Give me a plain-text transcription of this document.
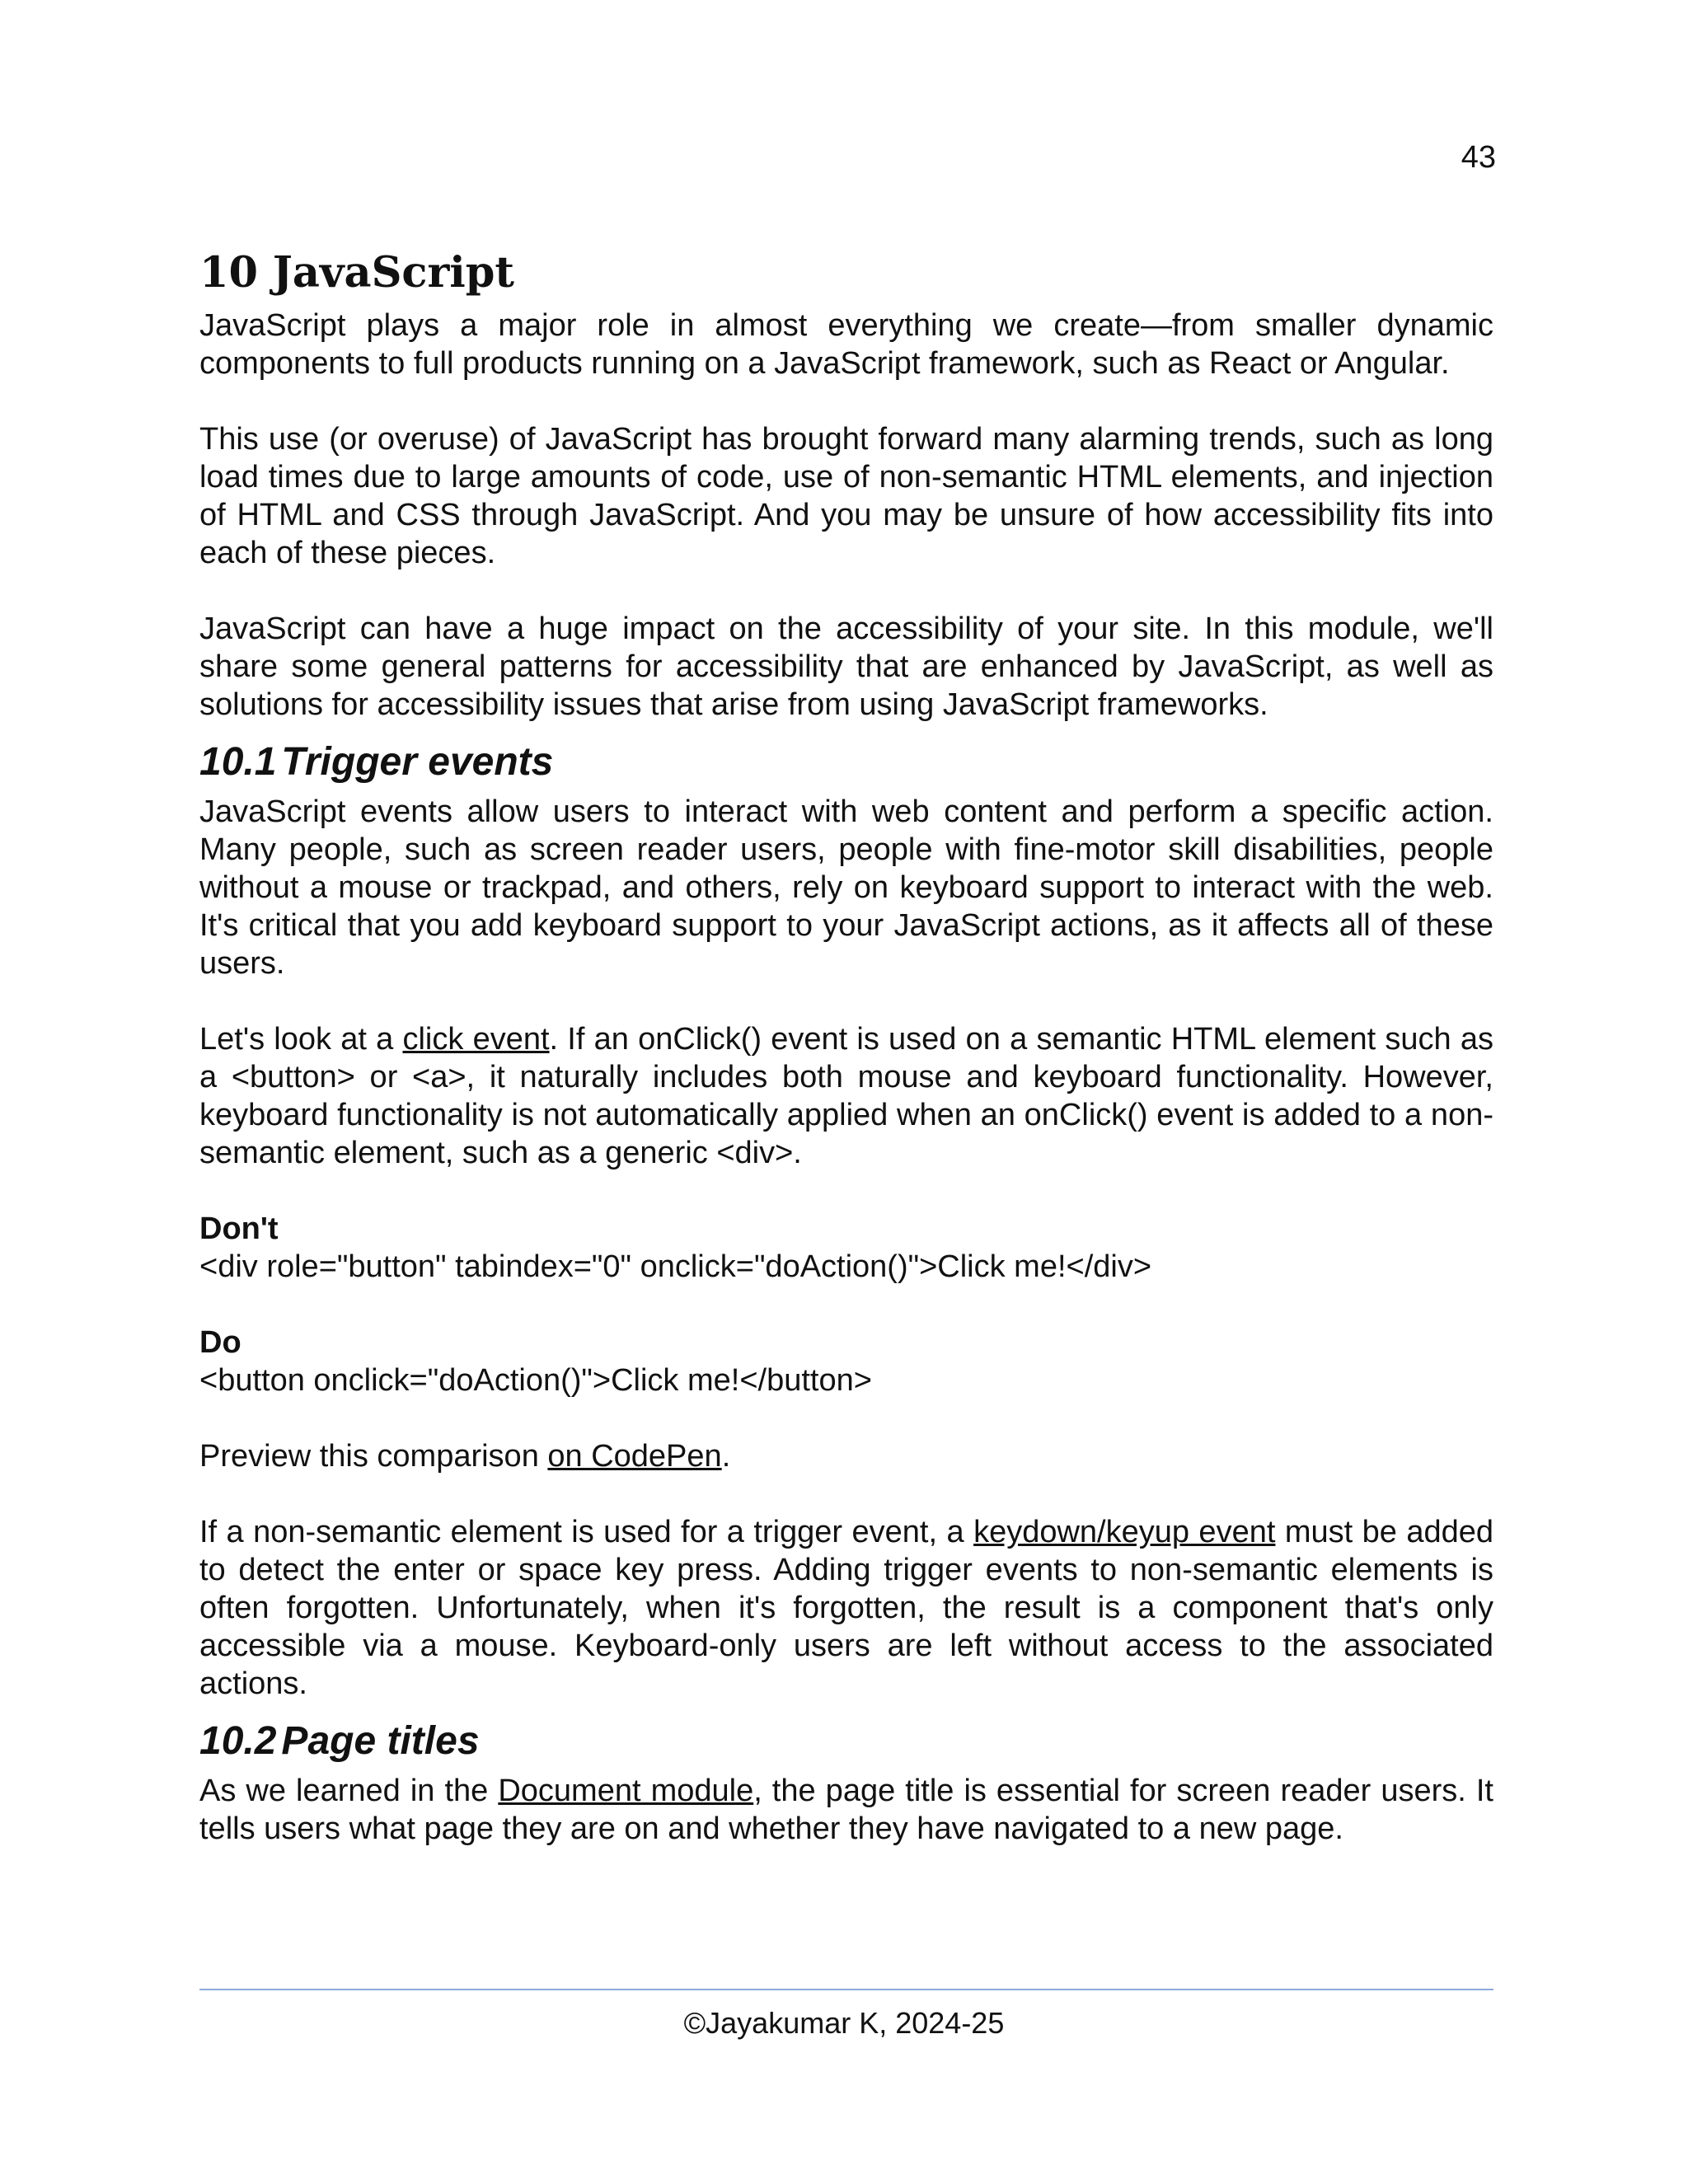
43
10 JavaScript

JavaScript plays a major role in almost everything we create—from smaller dynamic components to full products running on a JavaScript framework, such as React or Angular.

This use (or overuse) of JavaScript has brought forward many alarming trends, such as long load times due to large amounts of code, use of non-semantic HTML elements, and injection of HTML and CSS through JavaScript. And you may be unsure of how accessibility fits into each of these pieces.

JavaScript can have a huge impact on the accessibility of your site. In this module, we'll share some general patterns for accessibility that are enhanced by JavaScript, as well as solutions for accessibility issues that arise from using JavaScript frameworks.

10.1 Trigger events

JavaScript events allow users to interact with web content and perform a specific action. Many people, such as screen reader users, people with fine-motor skill disabilities, people without a mouse or trackpad, and others, rely on keyboard support to interact with the web. It's critical that you add keyboard support to your JavaScript actions, as it affects all of these users.

Let's look at a click event. If an onClick() event is used on a semantic HTML element such as a <button> or <a>, it naturally includes both mouse and keyboard functionality. However, keyboard functionality is not automatically applied when an onClick() event is added to a non-semantic element, such as a generic <div>.

Don't
<div role="button" tabindex="0" onclick="doAction()">Click me!</div>
Do
<button onclick="doAction()">Click me!</button>

Preview this comparison on CodePen.

If a non-semantic element is used for a trigger event, a keydown/keyup event must be added to detect the enter or space key press. Adding trigger events to non-semantic elements is often forgotten. Unfortunately, when it's forgotten, the result is a component that's only accessible via a mouse. Keyboard-only users are left without access to the associated actions.

10.2 Page titles

As we learned in the Document module, the page title is essential for screen reader users. It tells users what page they are on and whether they have navigated to a new page.

©Jayakumar K, 2024-25
